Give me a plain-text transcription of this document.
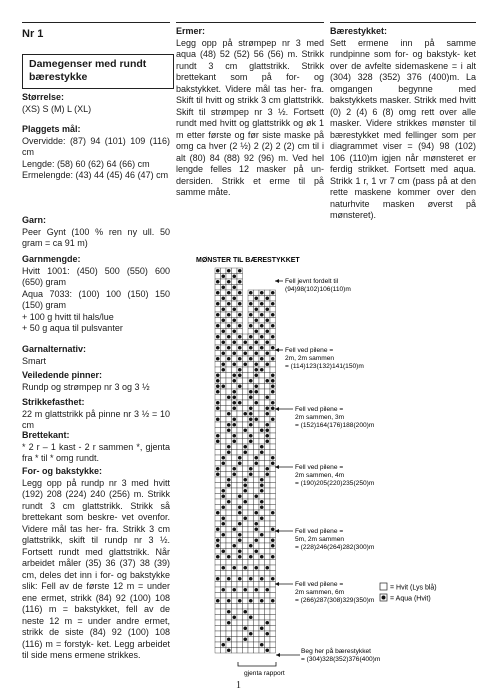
Nr 1
Damegenser med rundt bærestykke
Størrelse:
(XS) S (M) L (XL)
Plaggets mål:
Overvidde: (87) 94 (101) 109 (116) cm
Lengde: (58) 60 (62) 64 (66) cm
Ermelengde: (43) 44 (45) 46 (47) cm
Garn:
Peer Gynt (100 % ren ny ull. 50 gram = ca 91 m)
Garnmengde:
Hvitt 1001: (450) 500 (550) 600 (650) gram
Aqua 7033: (100) 100 (150) 150 (150) gram
+ 100 g hvitt til hals/lue
+ 50 g aqua til pulsvanter
Garnalternativ:
Smart
Veiledende pinner:
Rundp og strømpep nr 3 og 3 ½
Strikkefasthet:
22 m glattstrikk på pinne nr 3 ½ = 10 cm
Brettekant:
* 2 r – 1 kast - 2 r sammen *, gjenta fra * til * omg rundt.
For- og bakstykke:
Legg opp på rundp nr 3 med hvitt (192) 208 (224) 240 (256) m. Strikk rundt 3 cm glattstrikk. Strikk så brettekant som beskre- vet ovenfor. Videre mål tas her- fra. Strikk 3 cm glattstrikk, skift til rundp nr 3 ½. Fortsett rundt med glattstrikk. Når arbeidet måler (35) 36 (37) 38 (39) cm, deles det inn i for- og bakstykke slik: Fell av de første 12 m = under ene ermet, strikk (84) 92 (100) 108 (116) m = bakstykket, fell av de neste 12 m = under andre ermet, strikk de siste (84) 92 (100) 108 (116) m = forstyk- ket. Legg arbeidet til side mens ermene strikkes.
Ermer:
Legg opp på strømpep nr 3 med aqua (48) 52 (52) 56 (56) m. Strikk rundt 3 cm glattstrikk. Strikk brettekant som på for- og bakstykket. Videre mål tas her- fra. Skift til hvitt og strikk 3 cm glattstrikk. Skift til strømpep nr 3 ½. Fortsett rundt med hvitt og glattstrikk og øk 1 m etter første og før siste maske på omg ca hver (2 ½) 2 (2) 2 (2) cm til i alt (80) 84 (88) 92 (96) m. Ved hel lengde felles 12 masker på un- dersiden. Strikk et erme til på samme måte.
Bærestykket:
Sett ermene inn på samme rundpinne som for- og bakstyk- ket over de avfelte sidemaskene = i alt (304) 328 (352) 376 (400)m. La omgangen begynne med bakstykkets masker. Strikk med hvitt (0) 2 (4) 6 (8) omg rett over alle masker. Videre strikkes mønster til bærestykket med fellinger som per diagrammet viser = (94) 98 (102) 106 (110)m igjen når mønsteret er ferdig strikket. Fortsett med aqua. Strikk 1 r, 1 vr 7 cm (pass på at den rette maskene kommer over den naturhvite masken øverst på mønsteret).
MØNSTER TIL BÆRESTYKKET
Fell jevnt fordelt til
(94)98(102)106(110)m
Fell ved pilene =
2m, 2m sammen
= (114)123(132)141(150)m
Fell ved pilene =
2m sammen, 3m
= (152)164(176)188(200)m
Fell ved pilene =
2m sammen, 4m
= (190)205(220)235(250)m
Fell ved pilene =
5m, 2m sammen
= (228)246(264)282(300)m
Fell ved pilene =
2m sammen, 6m
= (266)287(308)329(350)m
= Hvit (Lys blå)
= Aqua (Hvit)
Beg her på bærestykket
= (304)328(352)376(400)m
gjenta rapport
1
